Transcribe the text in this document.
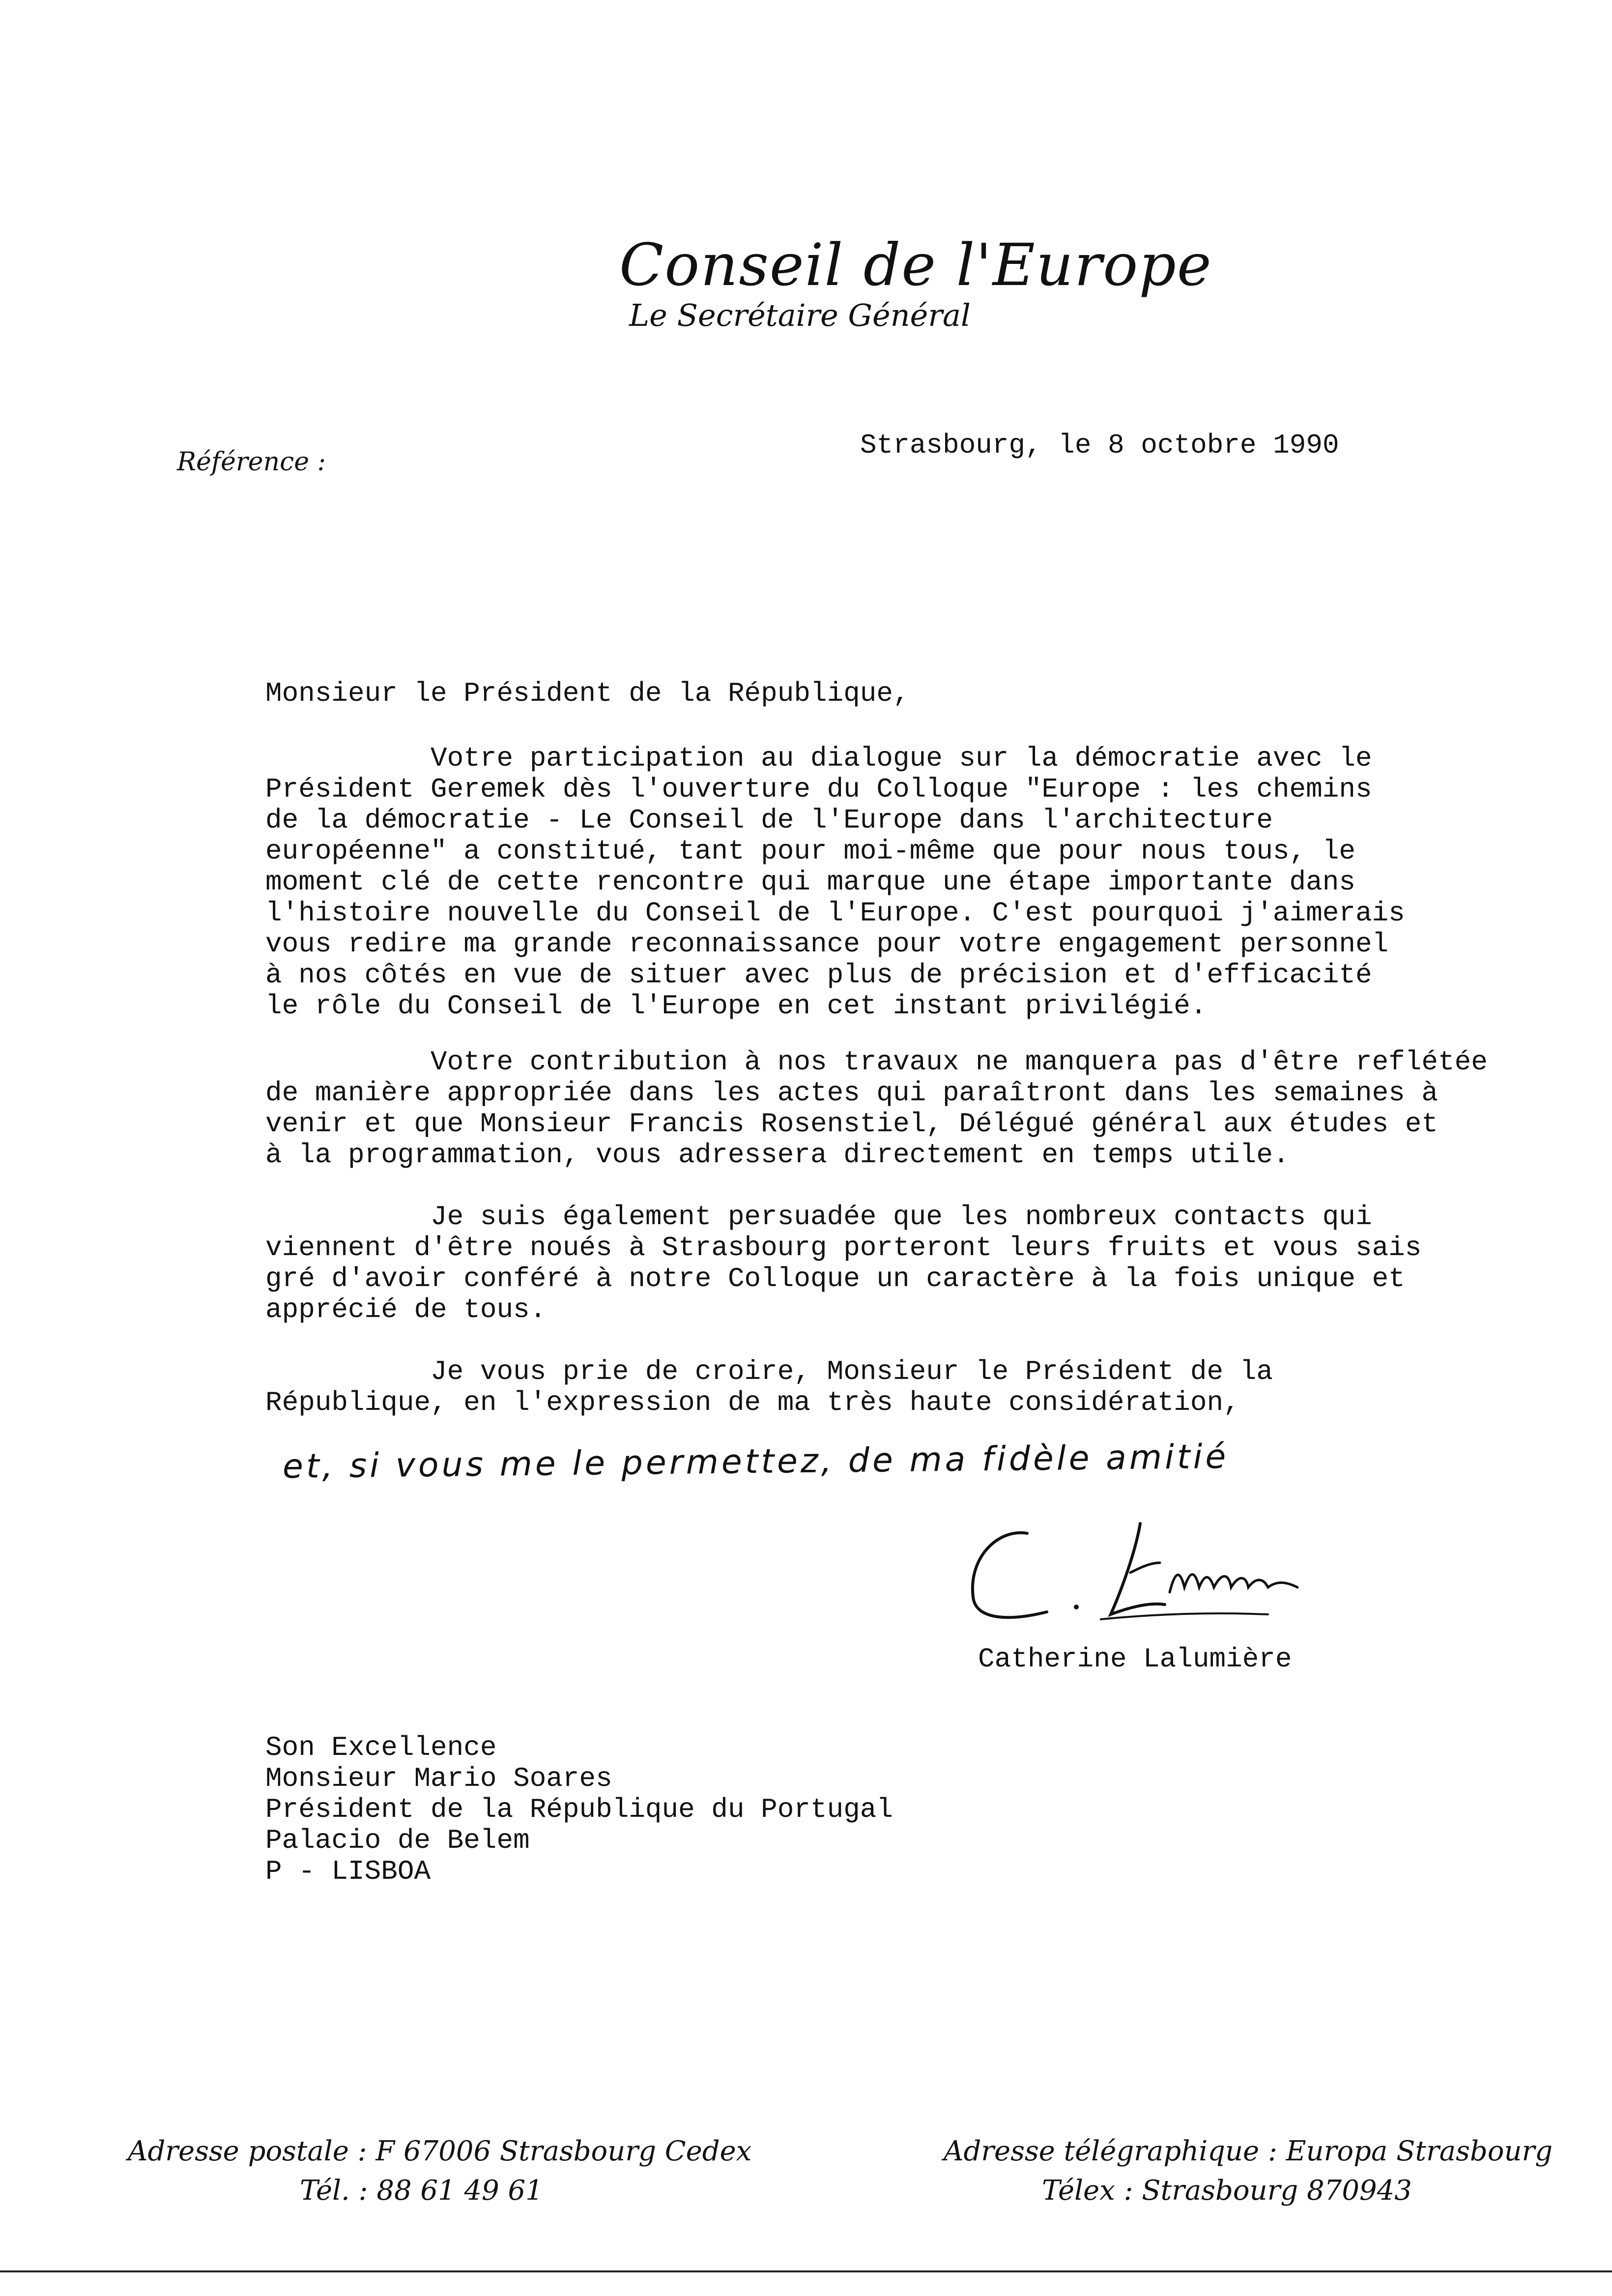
Conseil de l'Europe
Le Secrétaire Général
Référence :
Strasbourg, le 8 octobre 1990
Monsieur le Président de la République,
Votre participation au dialogue sur la démocratie avec le
Président Geremek dès l'ouverture du Colloque "Europe : les chemins
de la démocratie - Le Conseil de l'Europe dans l'architecture
européenne" a constitué, tant pour moi-même que pour nous tous, le
moment clé de cette rencontre qui marque une étape importante dans
l'histoire nouvelle du Conseil de l'Europe. C'est pourquoi j'aimerais
vous redire ma grande reconnaissance pour votre engagement personnel
à nos côtés en vue de situer avec plus de précision et d'efficacité
le rôle du Conseil de l'Europe en cet instant privilégié.
Votre contribution à nos travaux ne manquera pas d'être reflétée
de manière appropriée dans les actes qui paraîtront dans les semaines à
venir et que Monsieur Francis Rosenstiel, Délégué général aux études et
à la programmation, vous adressera directement en temps utile.
Je suis également persuadée que les nombreux contacts qui
viennent d'être noués à Strasbourg porteront leurs fruits et vous sais
gré d'avoir conféré à notre Colloque un caractère à la fois unique et
apprécié de tous.
Je vous prie de croire, Monsieur le Président de la
République, en l'expression de ma très haute considération,
et, si vous me le permettez, de ma fidèle amitié
Catherine Lalumière
Son Excellence
Monsieur Mario Soares
Président de la République du Portugal
Palacio de Belem
P - LISBOA
Adresse postale : F 67006 Strasbourg Cedex
Tél. : 88 61 49 61
Adresse télégraphique : Europa Strasbourg
Télex : Strasbourg 870943
